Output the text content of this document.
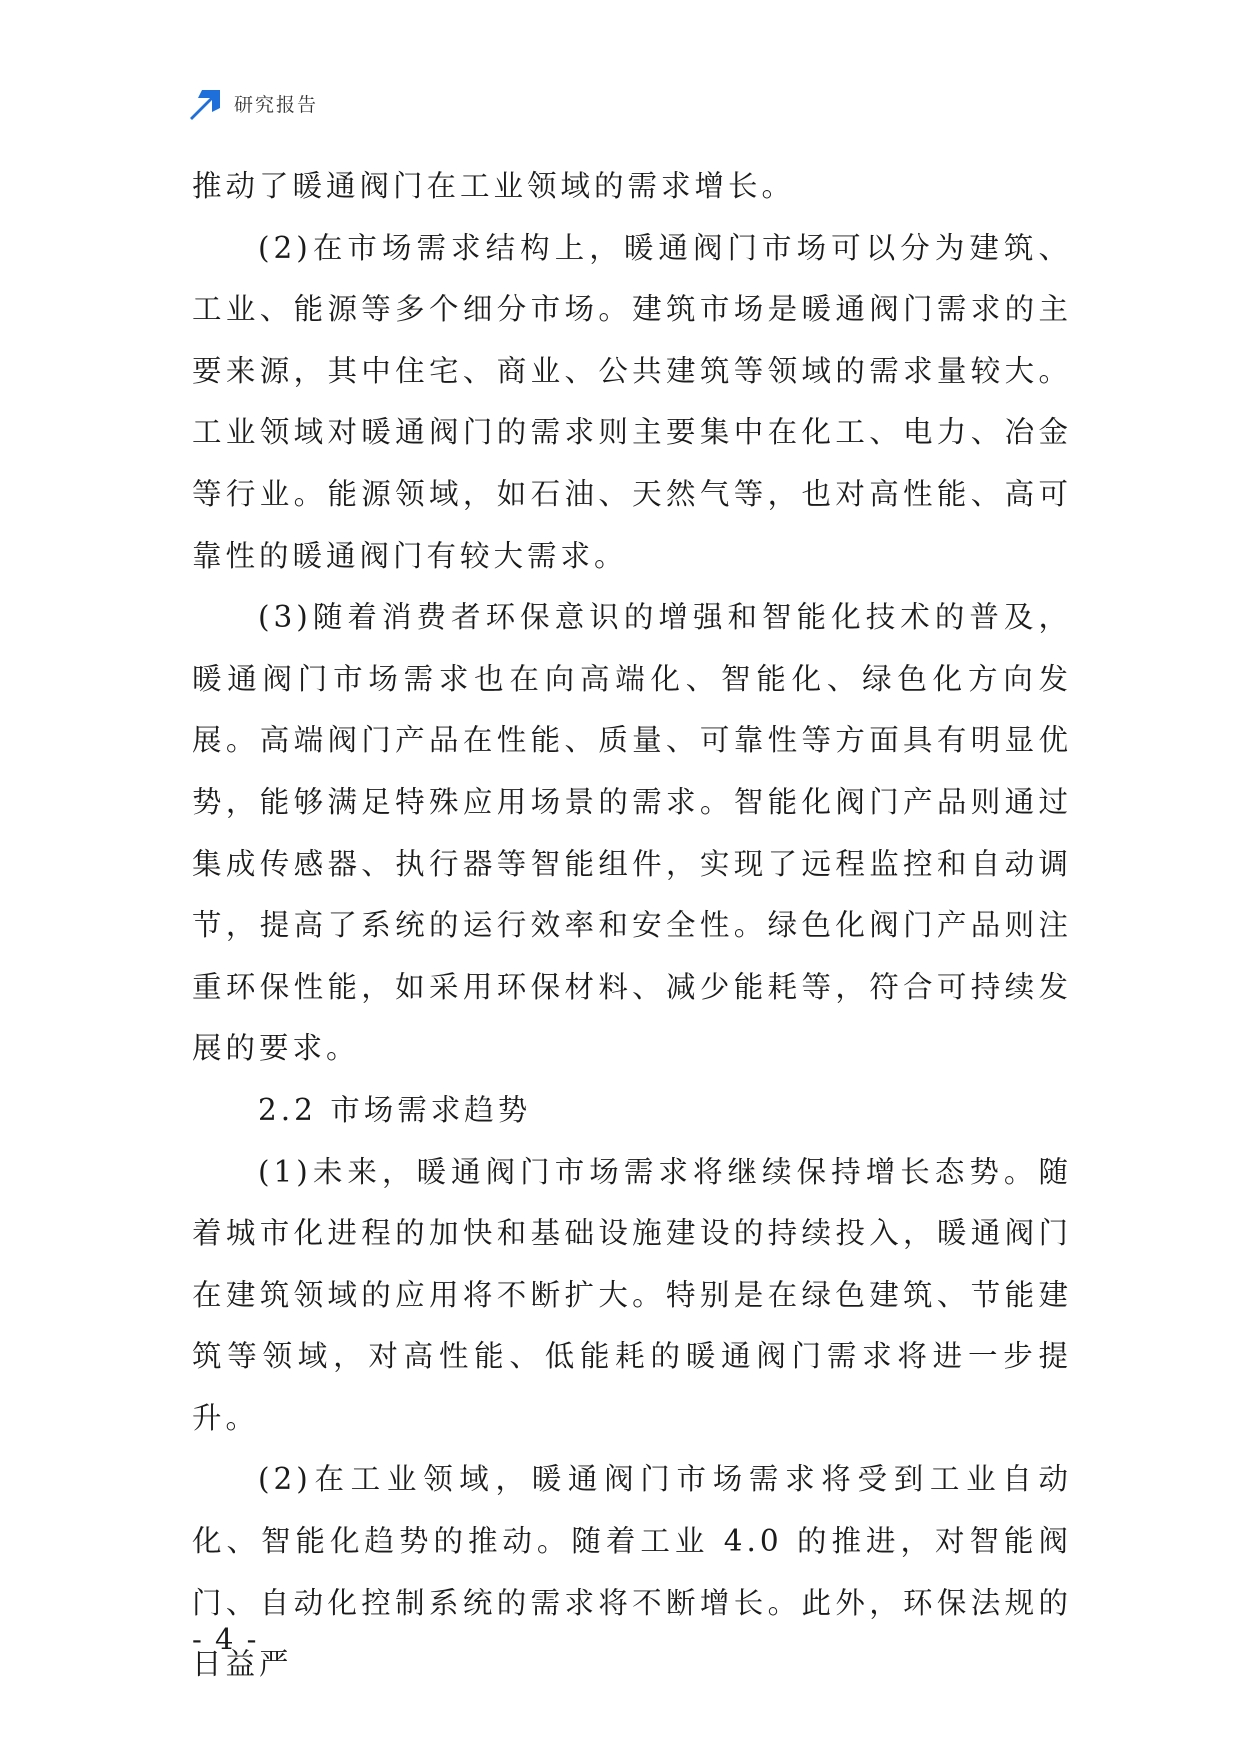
研究报告

推动了暖通阀门在工业领域的需求增长。

(2)在市场需求结构上，暖通阀门市场可以分为建筑、工业、能源等多个细分市场。建筑市场是暖通阀门需求的主要来源，其中住宅、商业、公共建筑等领域的需求量较大。工业领域对暖通阀门的需求则主要集中在化工、电力、冶金等行业。能源领域，如石油、天然气等，也对高性能、高可靠性的暖通阀门有较大需求。

(3)随着消费者环保意识的增强和智能化技术的普及，暖通阀门市场需求也在向高端化、智能化、绿色化方向发展。高端阀门产品在性能、质量、可靠性等方面具有明显优势，能够满足特殊应用场景的需求。智能化阀门产品则通过集成传感器、执行器等智能组件，实现了远程监控和自动调节，提高了系统的运行效率和安全性。绿色化阀门产品则注重环保性能，如采用环保材料、减少能耗等，符合可持续发展的要求。

2.2 市场需求趋势

(1)未来，暖通阀门市场需求将继续保持增长态势。随着城市化进程的加快和基础设施建设的持续投入，暖通阀门在建筑领域的应用将不断扩大。特别是在绿色建筑、节能建筑等领域，对高性能、低能耗的暖通阀门需求将进一步提升。

(2)在工业领域，暖通阀门市场需求将受到工业自动化、智能化趋势的推动。随着工业 4.0 的推进，对智能阀门、自动化控制系统的需求将不断增长。此外，环保法规的日益严

- 4 -
